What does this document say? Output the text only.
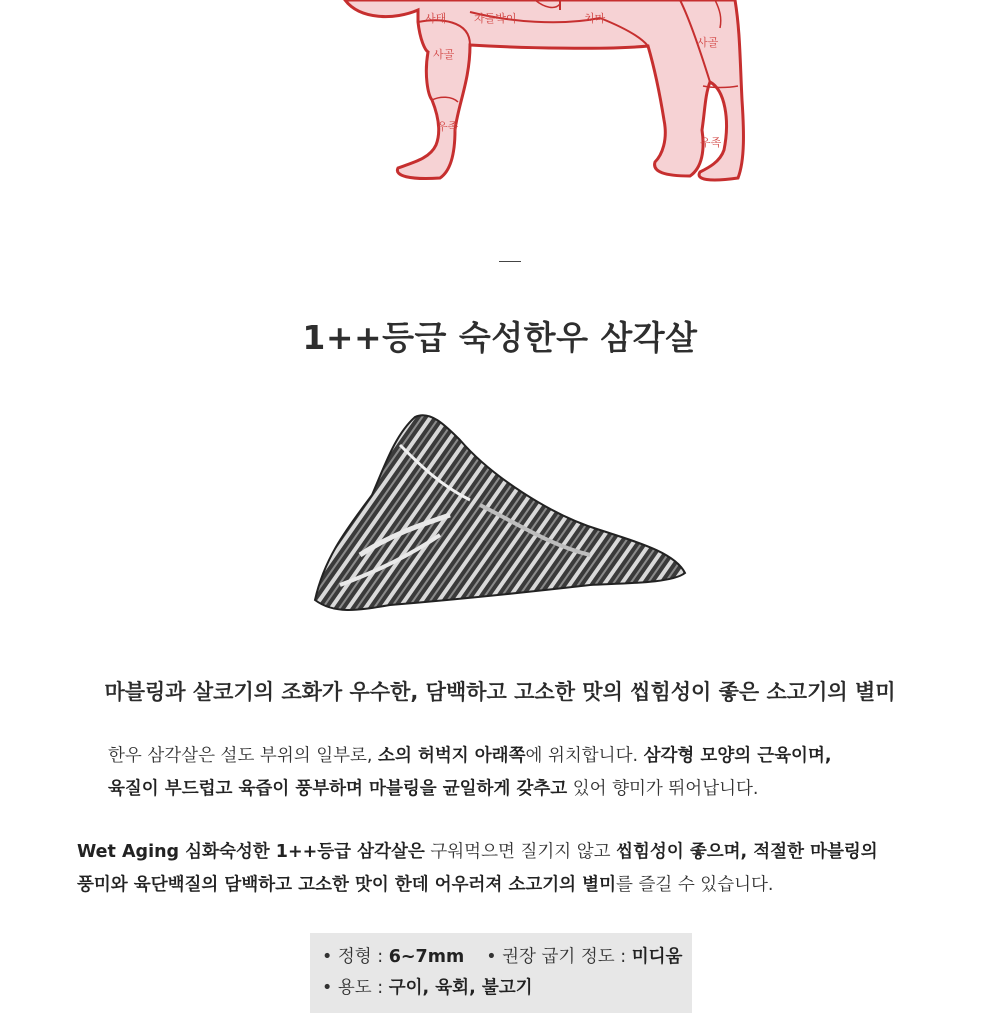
사태	차돌박이	치마
사골
사골
우족
우족
1++등급 숙성한우 삼각살
마블링과 살코기의 조화가 우수한, 담백하고 고소한 맛의 씹힘성이 좋은 소고기의 별미
한우 삼각살은 설도 부위의 일부로, 소의 허벅지 아래쪽에 위치합니다. 삼각형 모양의 근육이며,
육질이 부드럽고 육즙이 풍부하며 마블링을 균일하게 갖추고 있어 향미가 뛰어납니다.
Wet Aging 심화숙성한 1++등급 삼각살은 구워먹으면 질기지 않고 씹힘성이 좋으며, 적절한 마블링의
풍미와 육단백질의 담백하고 고소한 맛이 한데 어우러져 소고기의 별미를 즐길 수 있습니다.
• 정형 : 6~7mm • 권장 굽기 정도 : 미디움
• 용도 : 구이, 육회, 불고기
